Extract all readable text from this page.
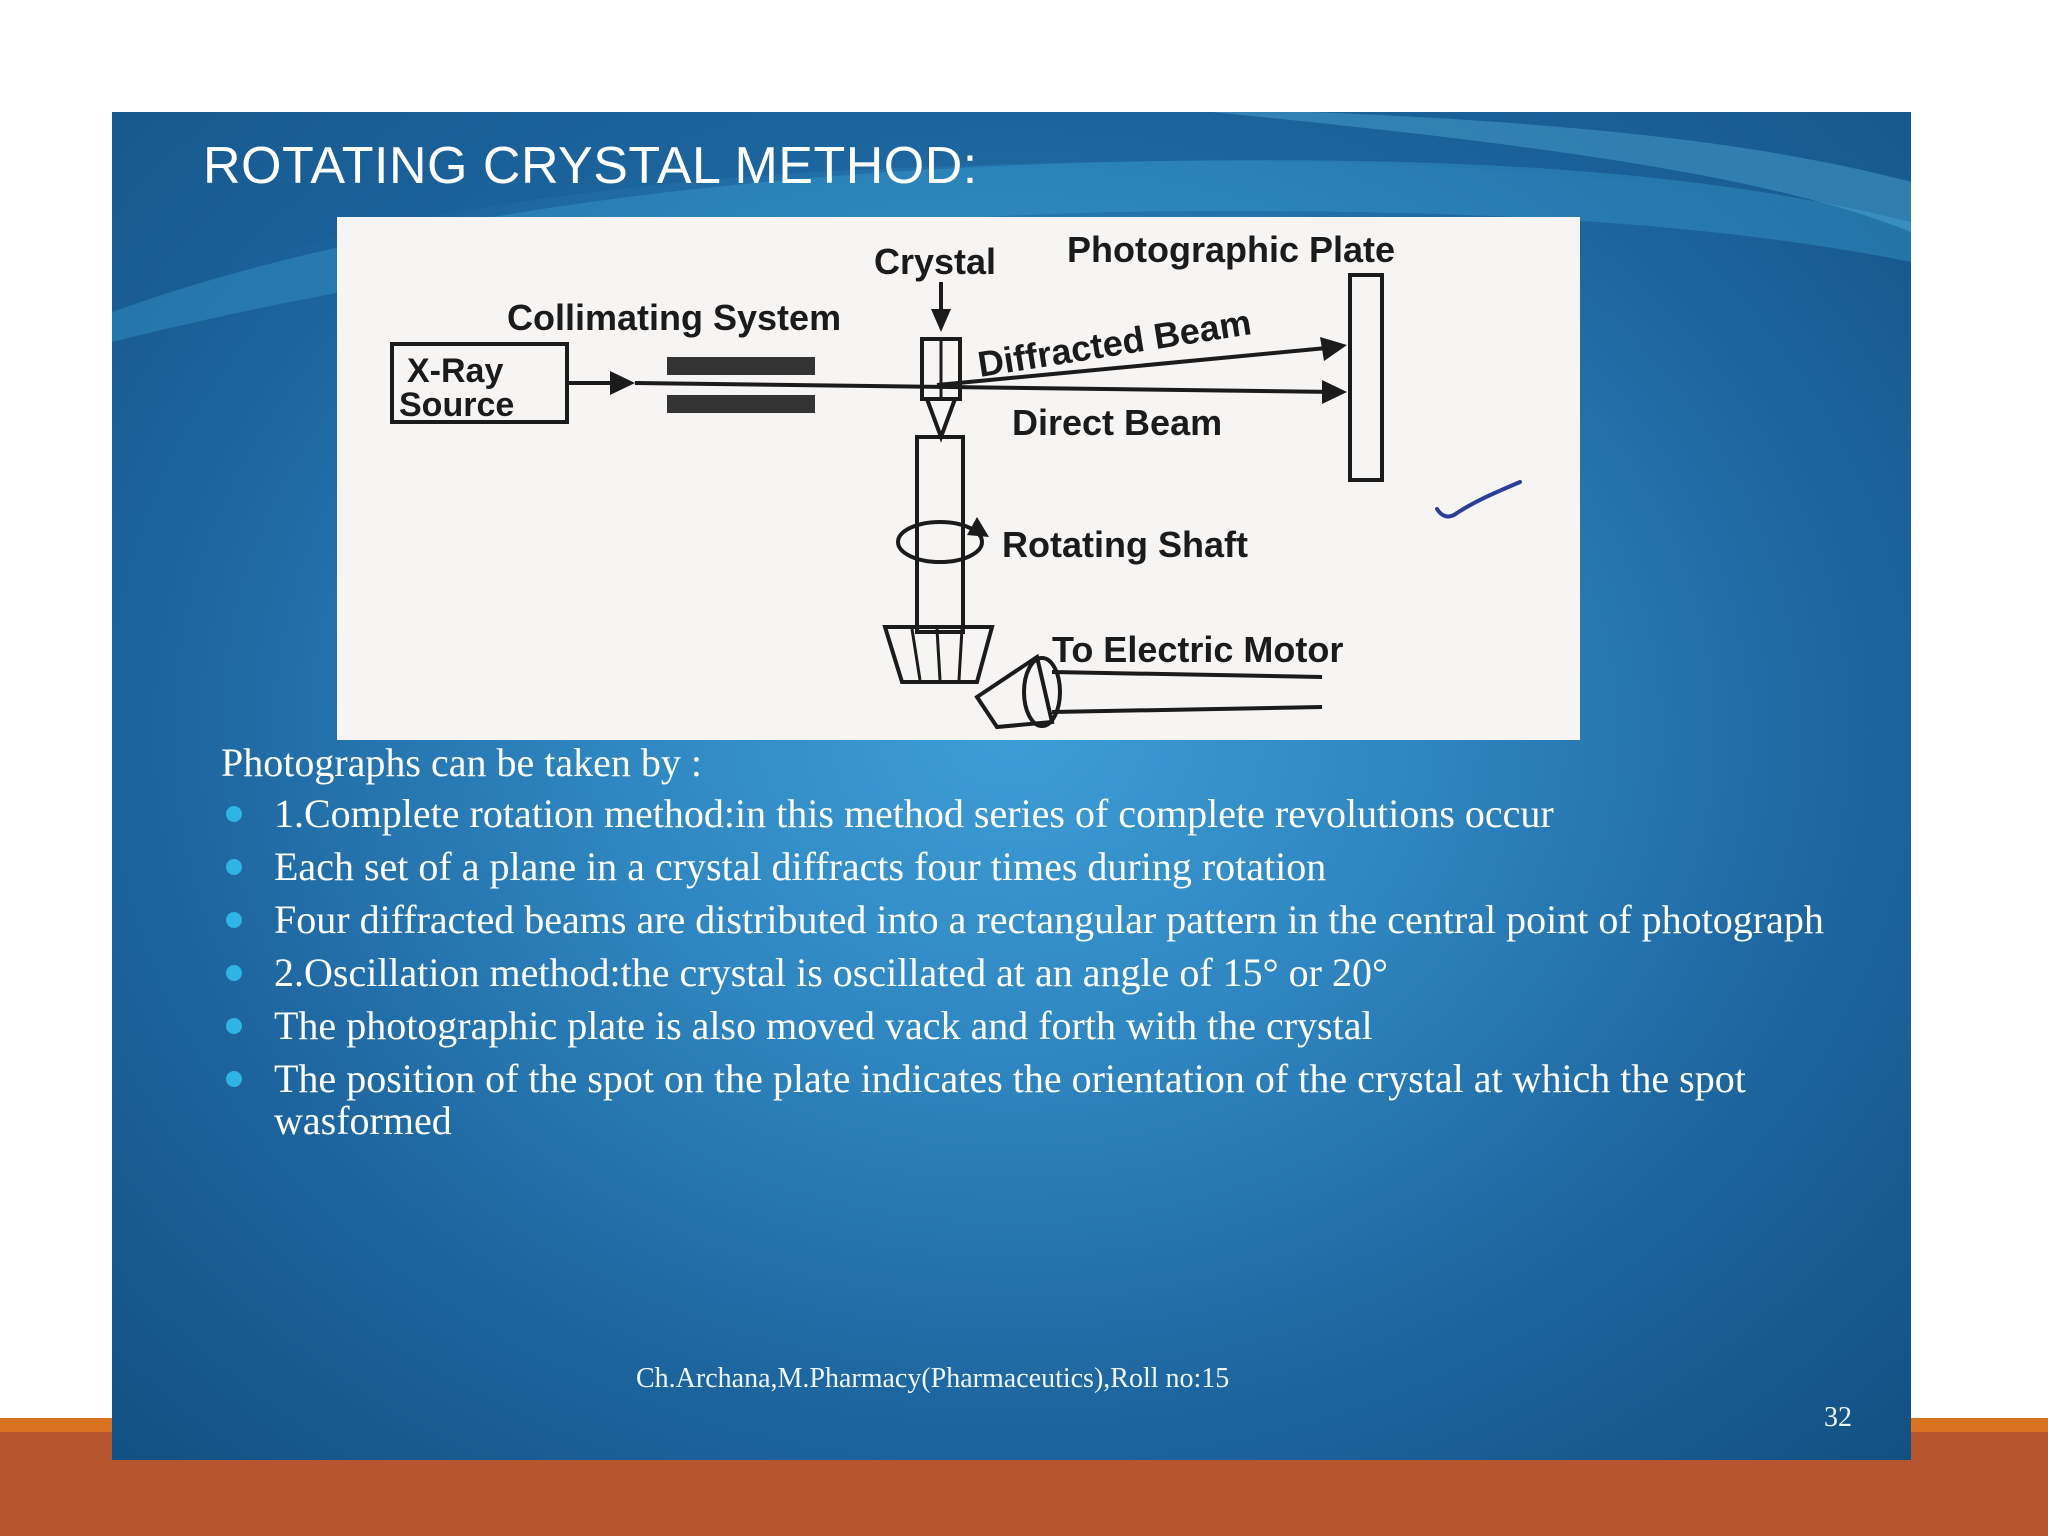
ROTATING CRYSTAL METHOD:
X-Ray
Source
Collimating System	Diffracted Beam
Direct Beam
Crystal Photographic Plate
Rotating Shaft
To Electric Motor

Photographs can be taken by :

1.Complete rotation method:in this method series of complete revolutions occur
Each set of a plane in a crystal diffracts four times during rotation
Four diffracted beams are distributed into a rectangular pattern in the central point of photograph
2.Oscillation method:the crystal is oscillated at an angle of 15° or 20°
The photographic plate is also moved vack and forth with the crystal
The position of the spot on the plate indicates the orientation of the crystal at which the spot wasformed
Ch.Archana,M.Pharmacy(Pharmaceutics),Roll no:15
32
